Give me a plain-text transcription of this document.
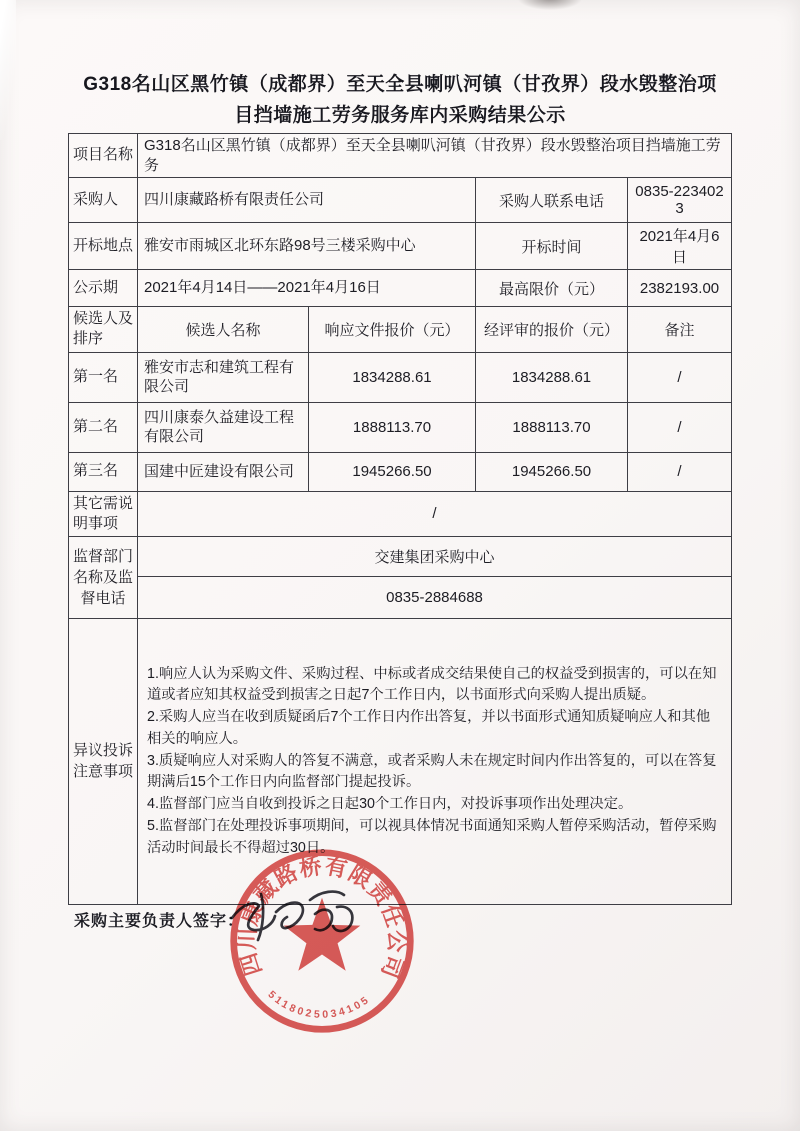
G318名山区黑竹镇（成都界）至天全县喇叭河镇（甘孜界）段水毁整治项
目挡墙施工劳务服务库内采购结果公示
项目名称	G318名山区黑竹镇（成都界）至天全县喇叭河镇（甘孜界）段水毁整治项目挡墙施工劳务			
采购人	四川康藏路桥有限责任公司		采购人联系电话	0835-2234023
开标地点	雅安市雨城区北环东路98号三楼采购中心		开标时间	2021年4月6日
公示期	2021年4月14日——2021年4月16日		最高限价（元）	2382193.00
候选人及排序	候选人名称	响应文件报价（元）	经评审的报价（元）	备注
第一名	雅安市志和建筑工程有限公司	1834288.61	1834288.61	/
第二名	四川康泰久益建设工程有限公司	1888113.70	1888113.70	/
第三名	国建中匠建设有限公司	1945266.50	1945266.50	/
其它需说明事项	/			
监督部门名称及监督电话	交建集团采购中心			
	0835-2884688			
异议投诉注意事项	1.响应人认为采购文件、采购过程、中标或者成交结果使自己的权益受到损害的，可以在知道或者应知其权益受到损害之日起7个工作日内，以书面形式向采购人提出质疑。

2.采购人应当在收到质疑函后7个工作日内作出答复，并以书面形式通知质疑响应人和其他相关的响应人。

3.质疑响应人对采购人的答复不满意，或者采购人未在规定时间内作出答复的，可以在答复期满后15个工作日内向监督部门提起投诉。

4.监督部门应当自收到投诉之日起30个工作日内，对投诉事项作出处理决定。

5.监督部门在处理投诉事项期间，可以视具体情况书面通知采购人暂停采购活动，暂停采购活动时间最长不得超过30日。			

采购主要负责人签字：
四川康藏路桥有限责任公司
5118025034105
